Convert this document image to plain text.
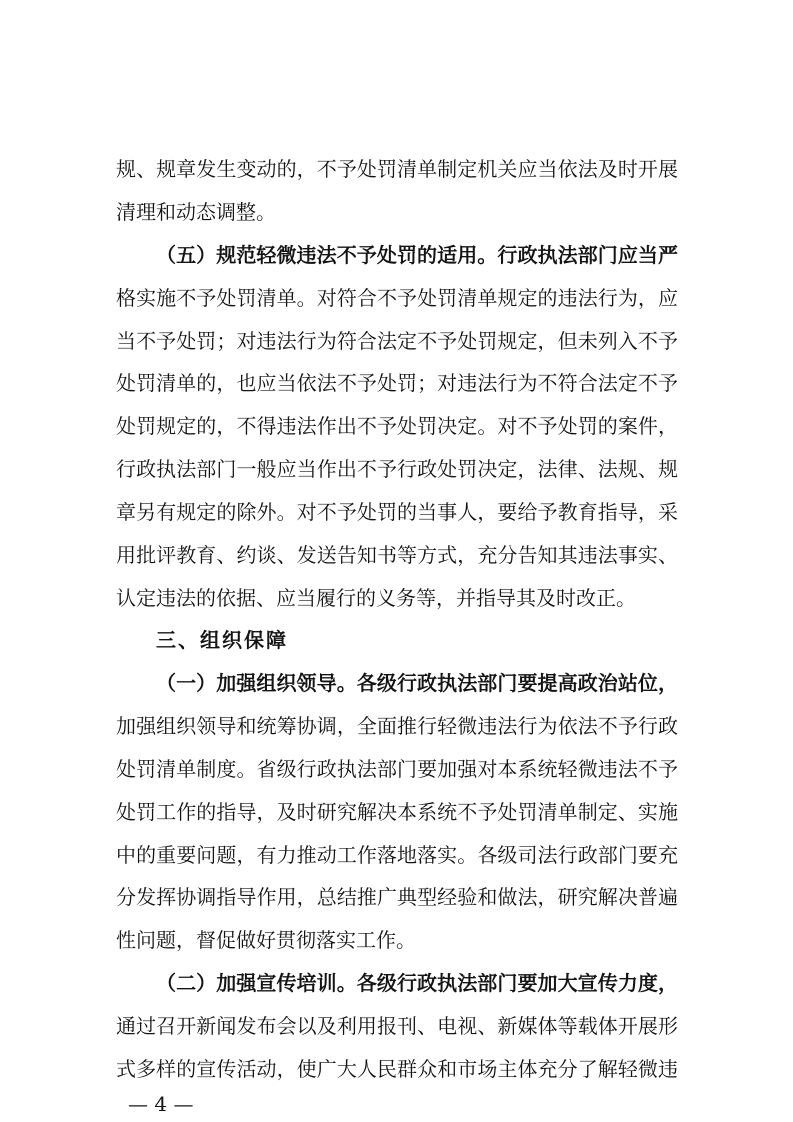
规、规章发生变动的，不予处罚清单制定机关应当依法及时开展
清理和动态调整。
（五）规范轻微违法不予处罚的适用。行政执法部门应当严
格实施不予处罚清单。对符合不予处罚清单规定的违法行为，应
当不予处罚；对违法行为符合法定不予处罚规定，但未列入不予
处罚清单的，也应当依法不予处罚；对违法行为不符合法定不予
处罚规定的，不得违法作出不予处罚决定。对不予处罚的案件，
行政执法部门一般应当作出不予行政处罚决定，法律、法规、规
章另有规定的除外。对不予处罚的当事人，要给予教育指导，采
用批评教育、约谈、发送告知书等方式，充分告知其违法事实、
认定违法的依据、应当履行的义务等，并指导其及时改正。
三、组织保障
（一）加强组织领导。各级行政执法部门要提高政治站位，
加强组织领导和统筹协调，全面推行轻微违法行为依法不予行政
处罚清单制度。省级行政执法部门要加强对本系统轻微违法不予
处罚工作的指导，及时研究解决本系统不予处罚清单制定、实施
中的重要问题，有力推动工作落地落实。各级司法行政部门要充
分发挥协调指导作用，总结推广典型经验和做法，研究解决普遍
性问题，督促做好贯彻落实工作。
（二）加强宣传培训。各级行政执法部门要加大宣传力度，
通过召开新闻发布会以及利用报刊、电视、新媒体等载体开展形
式多样的宣传活动，使广大人民群众和市场主体充分了解轻微违
— 4 —
